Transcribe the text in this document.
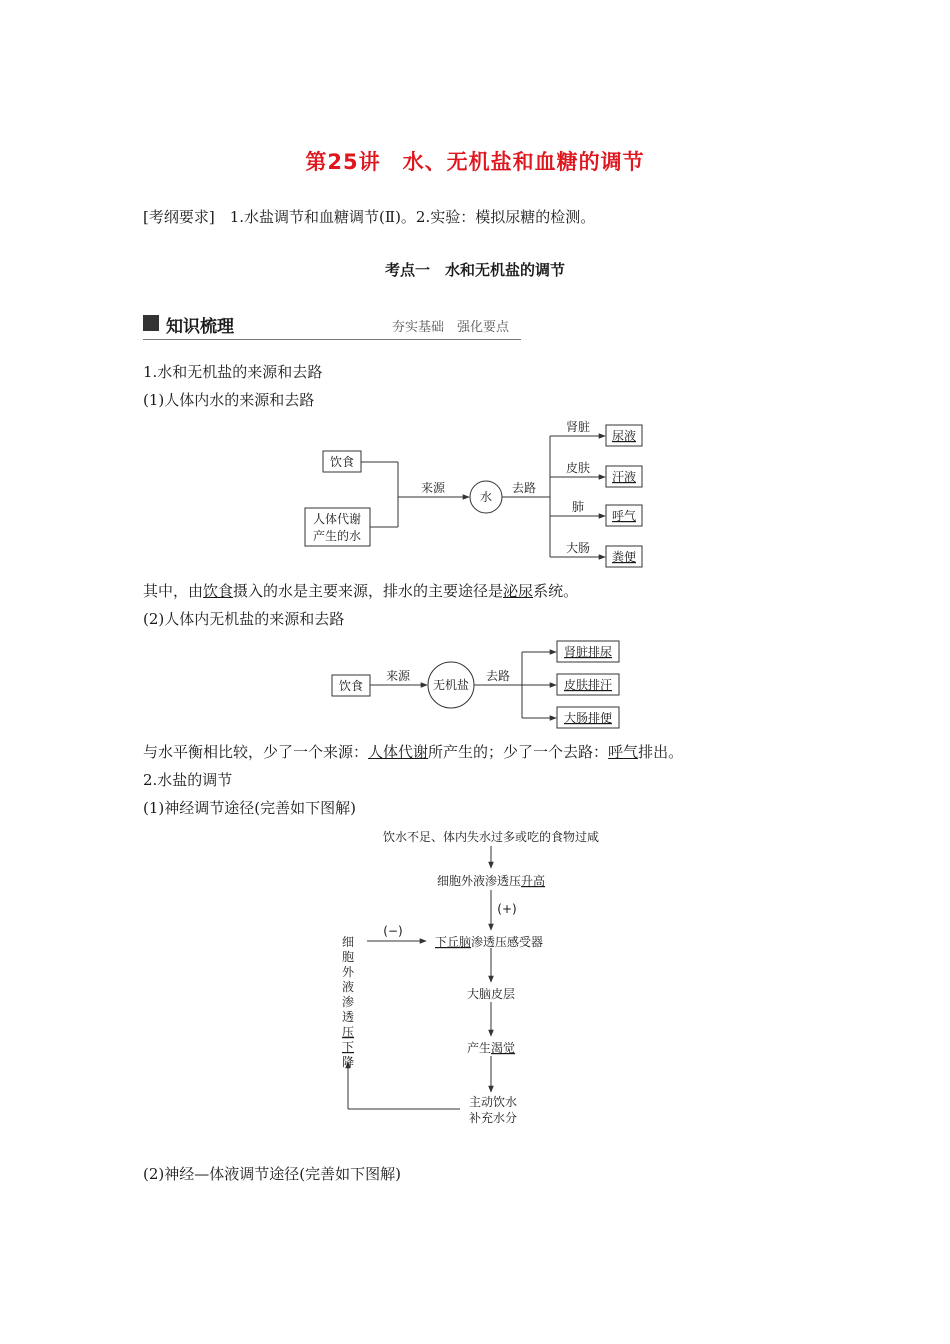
第25讲　水、无机盐和血糖的调节
[考纲要求]　1.水盐调节和血糖调节(Ⅱ)。2.实验：模拟尿糖的检测。
考点一　水和无机盐的调节
知识梳理	夯实基础　强化要点
1.水和无机盐的来源和去路
(1)人体内水的来源和去路
其中，由饮食摄入的水是主要来源，排水的主要途径是泌尿系统。
(2)人体内无机盐的来源和去路
与水平衡相比较，少了一个来源：人体代谢所产生的；少了一个去路：呼气排出。
2.水盐的调节
(1)神经调节途径(完善如下图解)
(2)神经—体液调节途径(完善如下图解)
饮食
人体代谢
产生的水
来源
水
去路
肾脏
皮肤
肺
大肠
尿液
汗液
呼气
粪便
饮食
来源
无机盐
去路
肾脏排尿
皮肤排汗
大肠排便
饮水不足、体内失水过多或吃的食物过咸
细胞外液渗透压升高
(+)
(−)
下丘脑渗透压感受器
大脑皮层
产生渴觉
主动饮水
补充水分
细
胞
外
液
渗
透
压
下
降
